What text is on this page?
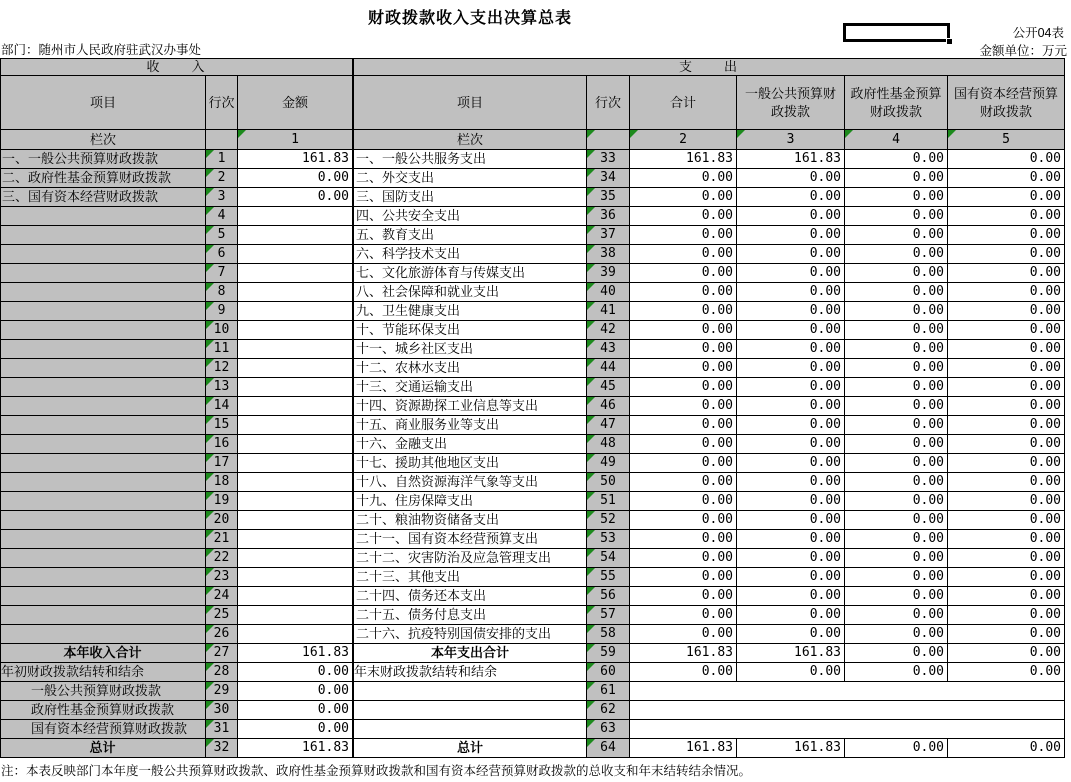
财政拨款收入支出决算总表
公开04表
部门：随州市人民政府驻武汉办事处	金额单位：万元
收　　入		
项目	行次	金额
栏次		1
一、一般公共预算财政拨款	1	161.83
二、政府性基金预算财政拨款	2	0.00
三、国有资本经营财政拨款	3	0.00
	4	
	5	
	6	
	7	
	8	
	9	
	10	
	11	
	12	
	13	
	14	
	15	
	16	
	17	
	18	
	19	
	20	
	21	
	22	
	23	
	24	
	25	
	26	
本年收入合计	27	161.83
年初财政拨款结转和结余	28	0.00
一般公共预算财政拨款	29	0.00
政府性基金预算财政拨款	30	0.00
国有资本经营预算财政拨款	31	0.00
总计	32	161.83
支　　出					
项目	行次	合计	一般公共预算财政拨款	政府性基金预算财政拨款	国有资本经营预算财政拨款
栏次		2	3	4	5
一、一般公共服务支出	33	161.83	161.83	0.00	0.00
二、外交支出	34	0.00	0.00	0.00	0.00
三、国防支出	35	0.00	0.00	0.00	0.00
四、公共安全支出	36	0.00	0.00	0.00	0.00
五、教育支出	37	0.00	0.00	0.00	0.00
六、科学技术支出	38	0.00	0.00	0.00	0.00
七、文化旅游体育与传媒支出	39	0.00	0.00	0.00	0.00
八、社会保障和就业支出	40	0.00	0.00	0.00	0.00
九、卫生健康支出	41	0.00	0.00	0.00	0.00
十、节能环保支出	42	0.00	0.00	0.00	0.00
十一、城乡社区支出	43	0.00	0.00	0.00	0.00
十二、农林水支出	44	0.00	0.00	0.00	0.00
十三、交通运输支出	45	0.00	0.00	0.00	0.00
十四、资源勘探工业信息等支出	46	0.00	0.00	0.00	0.00
十五、商业服务业等支出	47	0.00	0.00	0.00	0.00
十六、金融支出	48	0.00	0.00	0.00	0.00
十七、援助其他地区支出	49	0.00	0.00	0.00	0.00
十八、自然资源海洋气象等支出	50	0.00	0.00	0.00	0.00
十九、住房保障支出	51	0.00	0.00	0.00	0.00
二十、粮油物资储备支出	52	0.00	0.00	0.00	0.00
二十一、国有资本经营预算支出	53	0.00	0.00	0.00	0.00
二十二、灾害防治及应急管理支出	54	0.00	0.00	0.00	0.00
二十三、其他支出	55	0.00	0.00	0.00	0.00
二十四、债务还本支出	56	0.00	0.00	0.00	0.00
二十五、债务付息支出	57	0.00	0.00	0.00	0.00
二十六、抗疫特别国债安排的支出	58	0.00	0.00	0.00	0.00
本年支出合计	59	161.83	161.83	0.00	0.00
年末财政拨款结转和结余	60	0.00	0.00	0.00	0.00
	61				
	62				
	63				
总计	64	161.83	161.83	0.00	0.00
注：本表反映部门本年度一般公共预算财政拨款、政府性基金预算财政拨款和国有资本经营预算财政拨款的总收支和年末结转结余情况。
